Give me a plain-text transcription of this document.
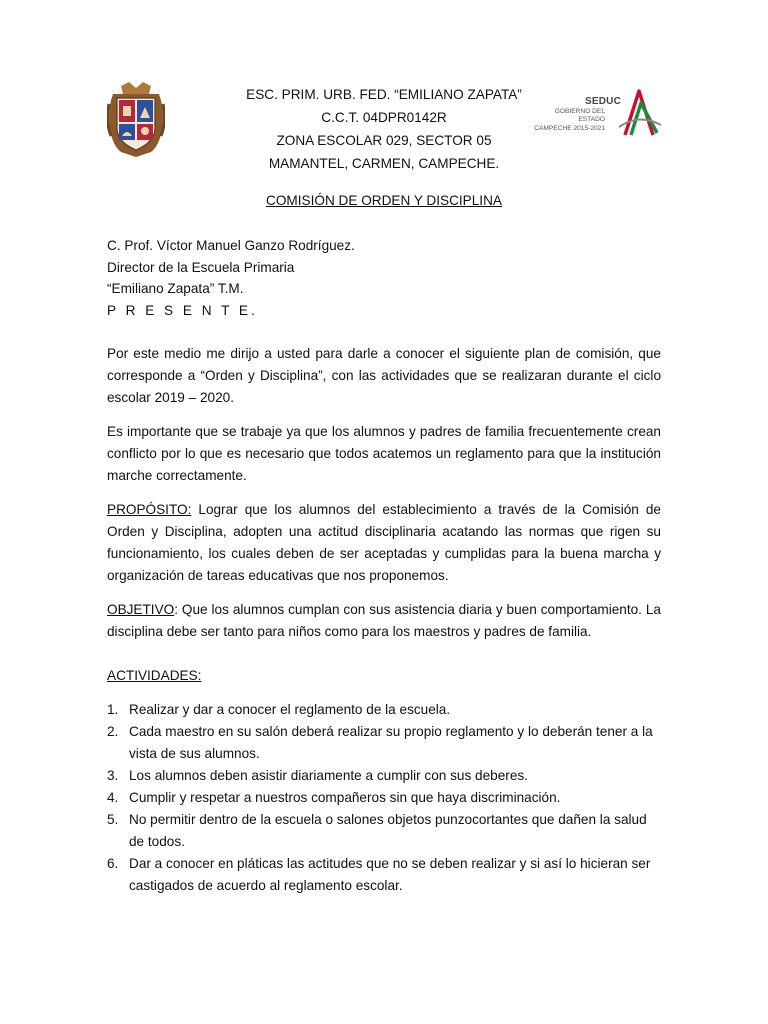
SEDUC
GOBIERNO DEL ESTADO
CAMPECHE 2015-2021
ESC. PRIM. URB. FED. “EMILIANO ZAPATA”
C.C.T. 04DPR0142R
ZONA ESCOLAR 029, SECTOR 05
MAMANTEL, CARMEN, CAMPECHE.
COMISIÓN DE ORDEN Y DISCIPLINA
C. Prof. Víctor Manuel Ganzo Rodríguez.
Director de la Escuela Primaria
“Emiliano Zapata” T.M.
P R E S E N T E.

Por este medio me dirijo a usted para darle a conocer el siguiente plan de comisión, que corresponde a “Orden y Disciplina”, con las actividades que se realizaran durante el ciclo escolar 2019 – 2020.

Es importante que se trabaje ya que los alumnos y padres de familia frecuentemente crean conflicto por lo que es necesario que todos acatemos un reglamento para que la institución marche correctamente.

PROPÓSITO: Lograr que los alumnos del establecimiento a través de la Comisión de Orden y Disciplina, adopten una actitud disciplinaria acatando las normas que rigen su funcionamiento, los cuales deben de ser aceptadas y cumplidas para la buena marcha y organización de tareas educativas que nos proponemos.

OBJETIVO: Que los alumnos cumplan con sus asistencia diaria y buen comportamiento. La disciplina debe ser tanto para niños como para los maestros y padres de familia.

ACTIVIDADES:
1. Realizar y dar a conocer el reglamento de la escuela.
2. Cada maestro en su salón deberá realizar su propio reglamento y lo deberán tener a la vista de sus alumnos.
3. Los alumnos deben asistir diariamente a cumplir con sus deberes.
4. Cumplir y respetar a nuestros compañeros sin que haya discriminación.
5. No permitir dentro de la escuela o salones objetos punzocortantes que dañen la salud de todos.
6. Dar a conocer en pláticas las actitudes que no se deben realizar y si así lo hicieran ser castigados de acuerdo al reglamento escolar.
